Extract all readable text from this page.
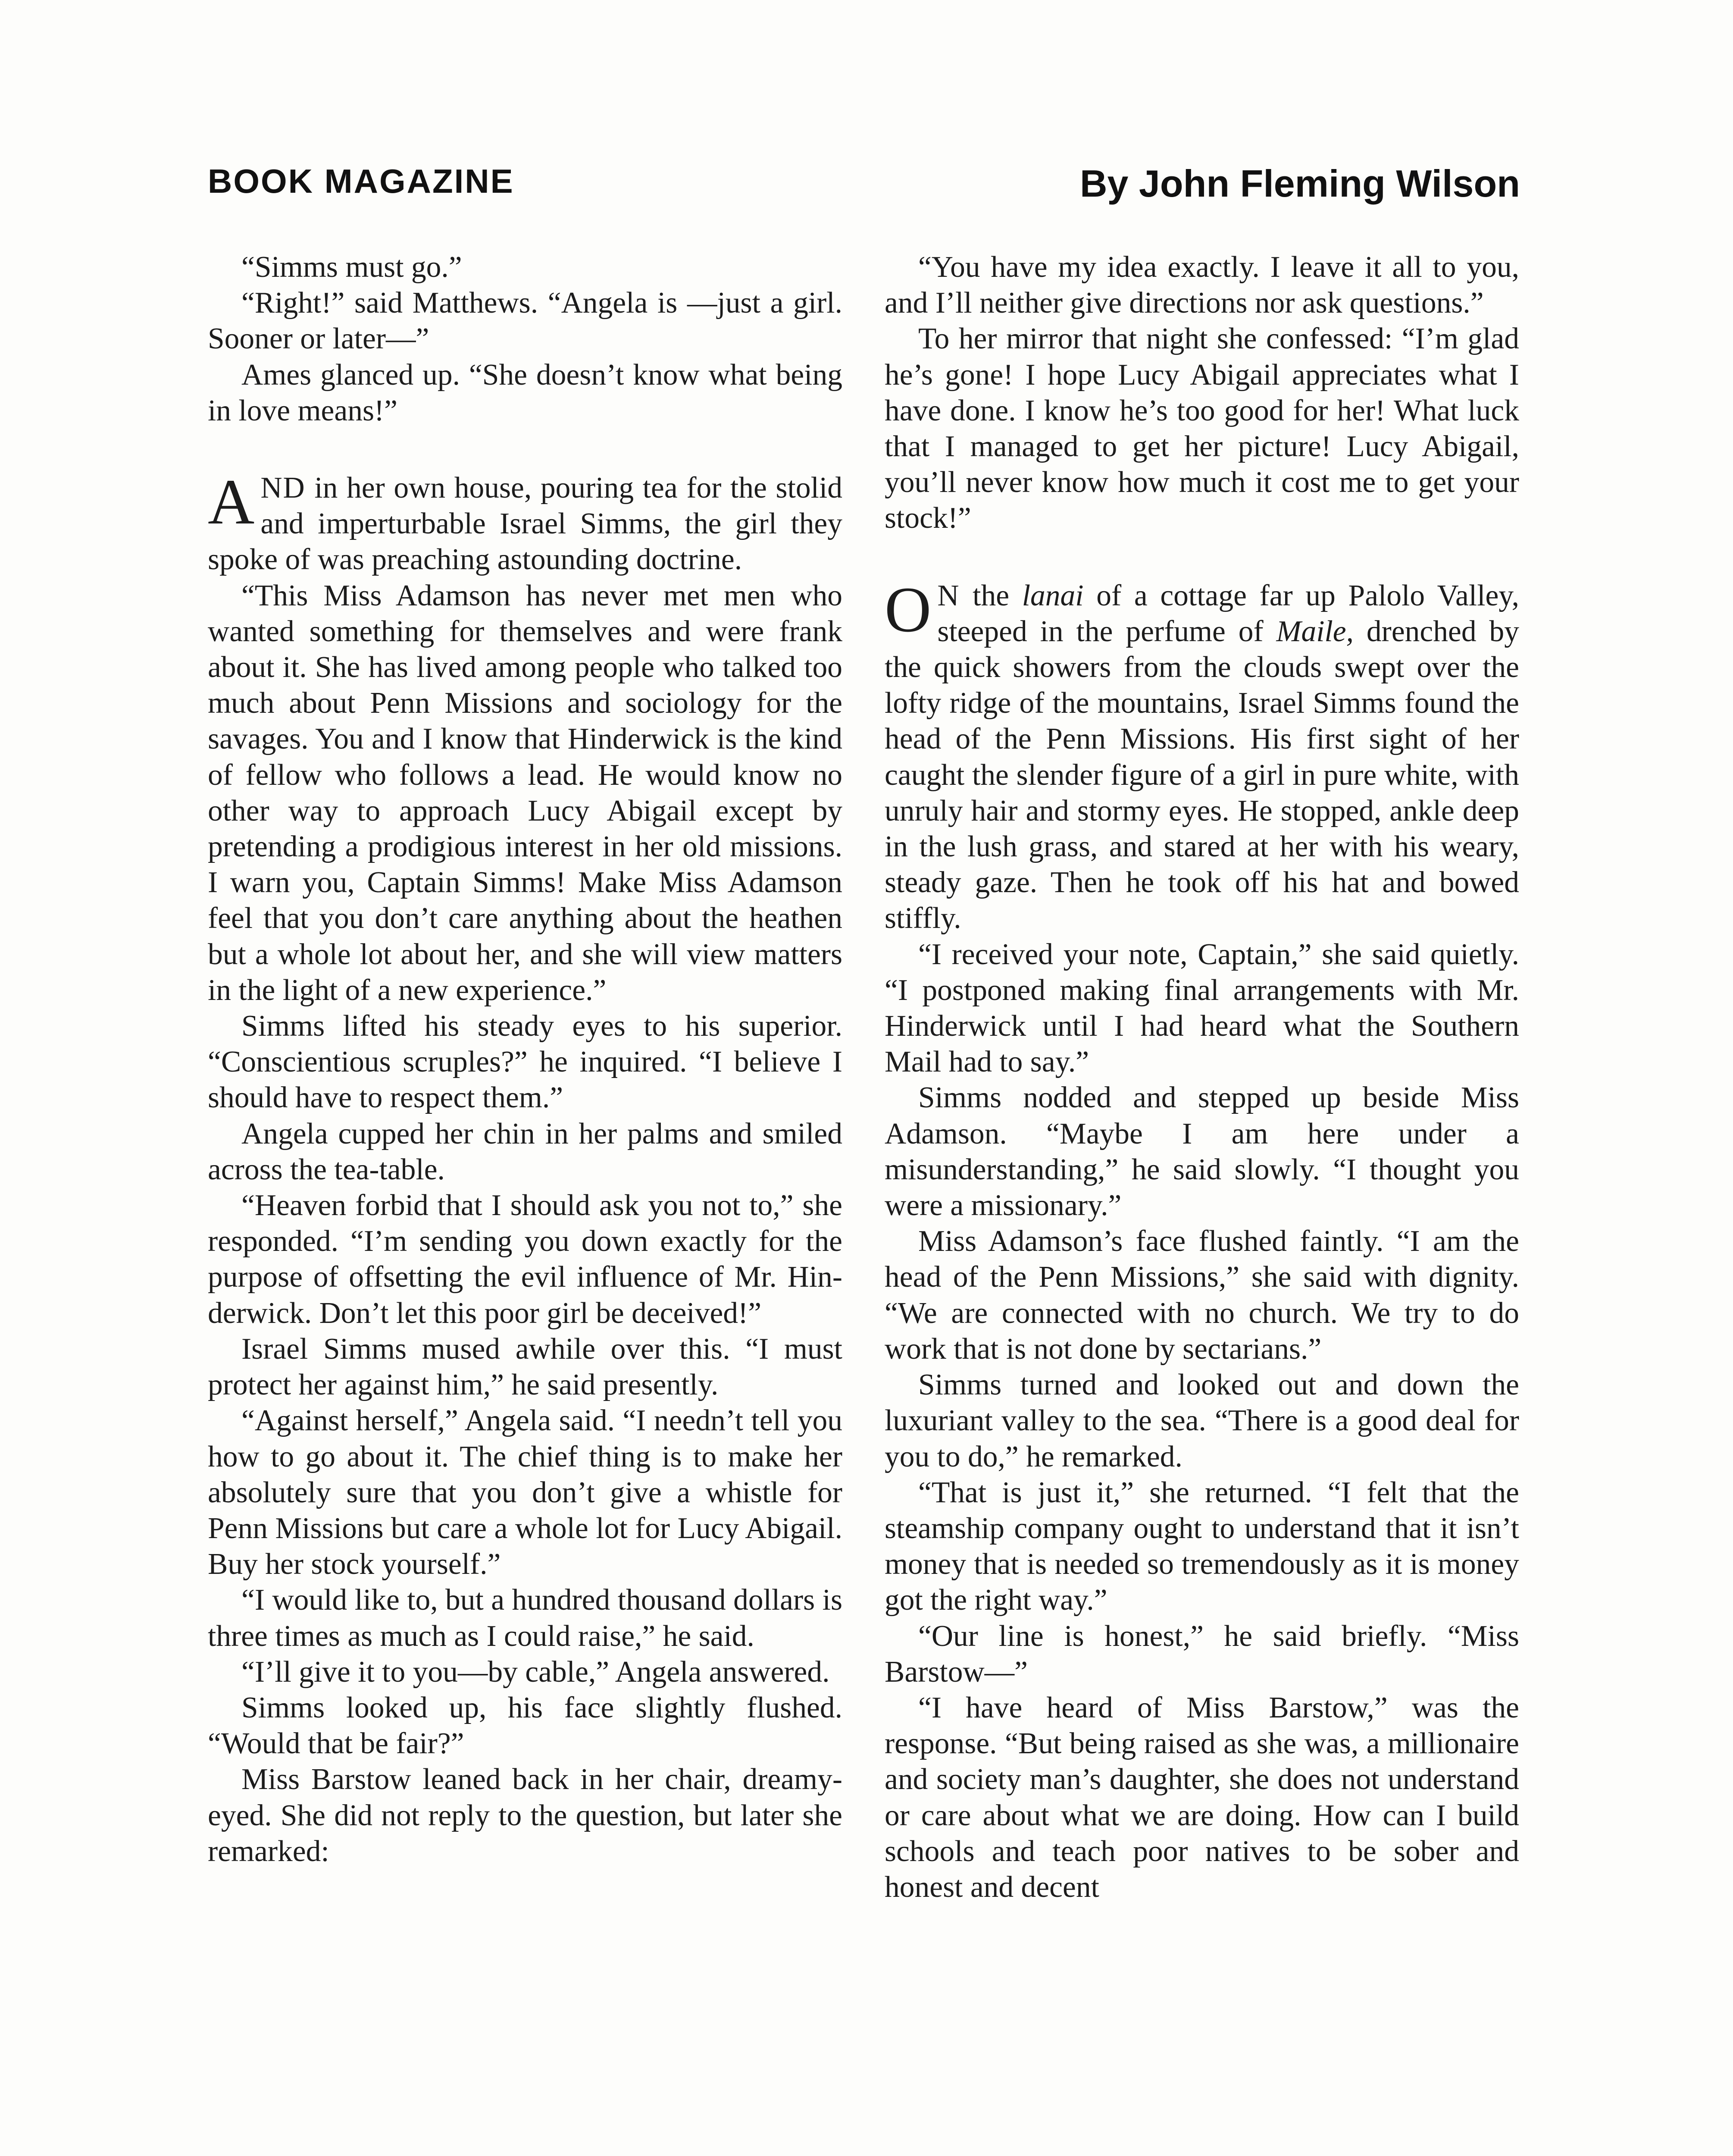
BOOK MAGAZINE	By John Fleming Wilson

“Simms must go.”

“Right!” said Matthews. “Angela is —just a girl. Sooner or later—”

Ames glanced up. “She doesn’t know what being in love means!”

AND in her own house, pouring tea for the stolid and imperturbable Israel Simms, the girl they spoke of was preaching astounding doctrine.

“This Miss Adamson has never met men who wanted something for themselves and were frank about it. She has lived among people who talked too much about Penn Missions and sociology for the savages. You and I know that Hinderwick is the kind of fellow who follows a lead. He would know no other way to approach Lucy Abigail except by pretending a prodigious interest in her old missions. I warn you, Captain Simms! Make Miss Adamson feel that you don’t care anything about the heathen but a whole lot about her, and she will view matters in the light of a new experience.”

Simms lifted his steady eyes to his superior. “Conscientious scruples?” he inquired. “I believe I should have to respect them.”

Angela cupped her chin in her palms and smiled across the tea-table.

“Heaven forbid that I should ask you not to,” she responded. “I’m sending you down exactly for the purpose of offsetting the evil influence of Mr. Hinderwick. Don’t let this poor girl be deceived!”

Israel Simms mused awhile over this. “I must protect her against him,” he said presently.

“Against herself,” Angela said. “I needn’t tell you how to go about it. The chief thing is to make her absolutely sure that you don’t give a whistle for Penn Missions but care a whole lot for Lucy Abigail. Buy her stock yourself.”

“I would like to, but a hundred thousand dollars is three times as much as I could raise,” he said.

“I’ll give it to you—by cable,” Angela answered.

Simms looked up, his face slightly flushed. “Would that be fair?”

Miss Barstow leaned back in her chair, dreamy-eyed. She did not reply to the question, but later she remarked:

“You have my idea exactly. I leave it all to you, and I’ll neither give directions nor ask questions.”

To her mirror that night she confessed: “I’m glad he’s gone! I hope Lucy Abigail appreciates what I have done. I know he’s too good for her! What luck that I managed to get her picture! Lucy Abigail, you’ll never know how much it cost me to get your stock!”

O N the lanai of a cottage far up Palolo Valley, steeped in the perfume of Maile, drenched by the quick showers from the clouds swept over the lofty ridge of the mountains, Israel Simms found the head of the Penn Missions. His first sight of her caught the slender figure of a girl in pure white, with unruly hair and stormy eyes. He stopped, ankle deep in the lush grass, and stared at her with his weary, steady gaze. Then he took off his hat and bowed stiffly.

“I received your note, Captain,” she said quietly. “I postponed making final arrangements with Mr. Hinderwick until I had heard what the Southern Mail had to say.”

Simms nodded and stepped up beside Miss Adamson. “Maybe I am here under a misunderstanding,” he said slowly. “I thought you were a missionary.”

Miss Adamson’s face flushed faintly. “I am the head of the Penn Missions,” she said with dignity. “We are connected with no church. We try to do work that is not done by sectarians.”

Simms turned and looked out and down the luxuriant valley to the sea. “There is a good deal for you to do,” he remarked.

“That is just it,” she returned. “I felt that the steamship company ought to understand that it isn’t money that is needed so tremendously as it is money got the right way.”

“Our line is honest,” he said briefly. “Miss Barstow—”

“I have heard of Miss Barstow,” was the response. “But being raised as she was, a millionaire and society man’s daughter, she does not understand or care about what we are doing. How can I build schools and teach poor natives to be sober and honest and decent
